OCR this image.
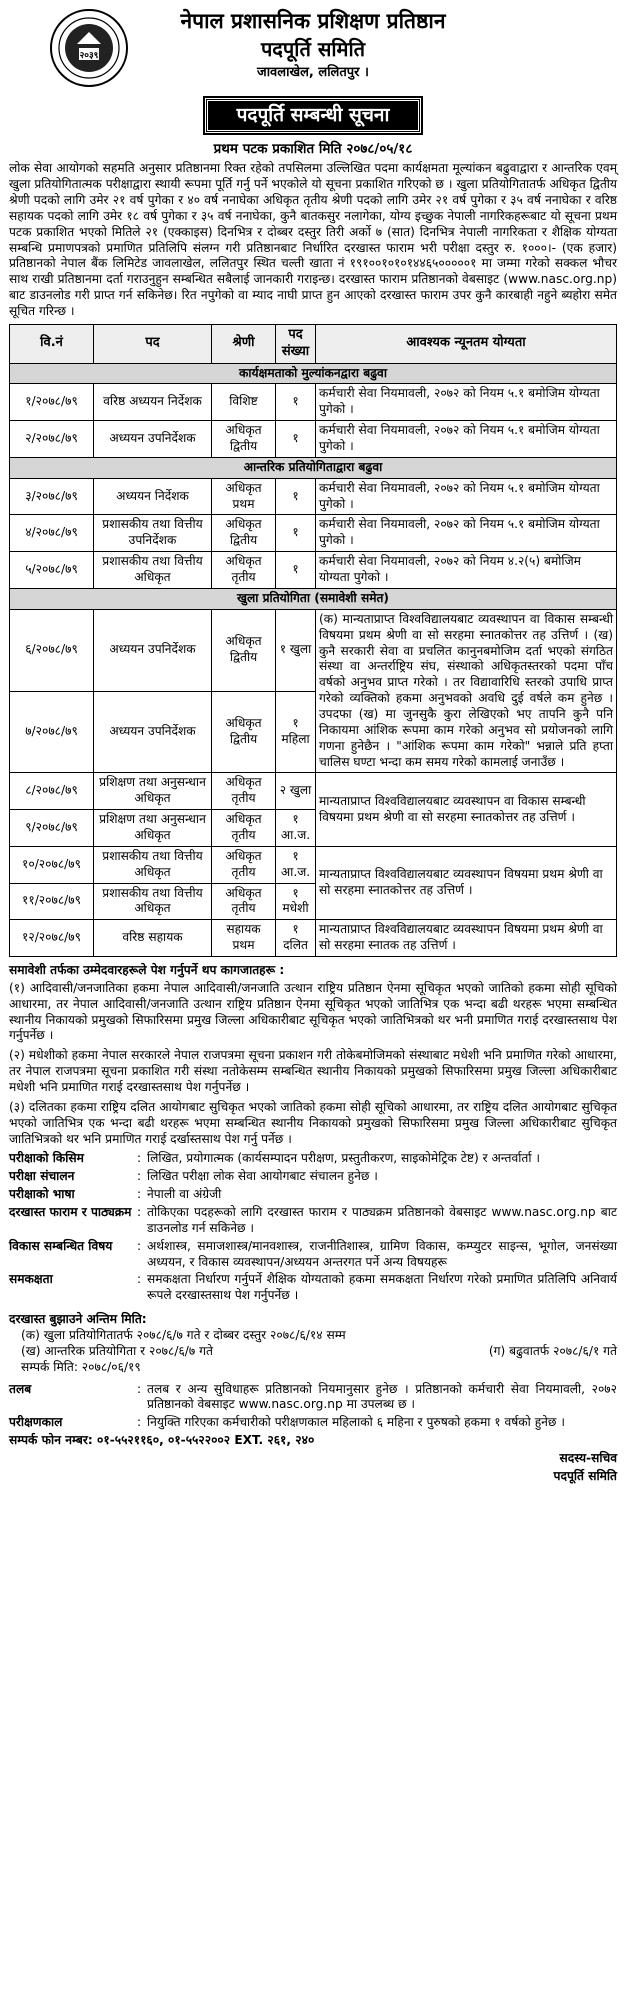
२०३९
नेपाल प्रशासनिक प्रशिक्षण प्रतिष्ठान
पदपूर्ति समिति
जावलाखेल, ललितपुर ।
पदपूर्ति सम्बन्धी सूचना
प्रथम पटक प्रकाशित मिति २०७८/०५/१८

लोक सेवा आयोगको सहमति अनुसार प्रतिष्ठानमा रिक्त रहेको तपसिलमा उल्लिखित पदमा कार्यक्षमता मूल्यांकन बढुवाद्वारा र आन्तरिक एवम् खुला प्रतियोगितात्मक परीक्षाद्वारा स्थायी रूपमा पूर्ति गर्नु पर्ने भएकोले यो सूचना प्रकाशित गरिएको छ । खुला प्रतियोगितातर्फ अधिकृत द्वितीय श्रेणी पदको लागि उमेर २१ वर्ष पुगेका र ४० वर्ष ननाघेका अधिकृत तृतीय श्रेणी पदको लागि उमेर २१ वर्ष पुगेका र ३५ वर्ष ननाघेका र वरिष्ठ सहायक पदको लागि उमेर १८ वर्ष पुगेका र ३५ वर्ष ननाघेका, कुनै बातकसुर नलागेका, योग्य इच्छुक नेपाली नागरिकहरूबाट यो सूचना प्रथम पटक प्रकाशित भएको मितिले २१ (एक्काइस) दिनभित्र र दोब्बर दस्तुर तिरी अर्को ७ (सात) दिनभित्र नेपाली नागरिकता र शैक्षिक योग्यता सम्बन्धि प्रमाणपत्रको प्रमाणित प्रतिलिपि संलग्न गरी प्रतिष्ठानबाट निर्धारित दरखास्त फाराम भरी परीक्षा दस्तुर रु. १०००।- (एक हजार) प्रतिष्ठानको नेपाल बैंक लिमिटेड जावलाखेल, ललितपुर स्थित चल्ती खाता नं १९१००१०१०१४४६५०००००१ मा जम्मा गरेको सक्कल भौचर साथ राखी प्रतिष्ठानमा दर्ता गराउनुहुन सम्बन्धित सबैलाई जानकारी गराइन्छ। दरखास्त फाराम प्रतिष्ठानको वेबसाइट (www.nasc.org.np) बाट डाउनलोड गरी प्राप्त गर्न सकिनेछ। रित नपुगेको वा म्याद नाघी प्राप्त हुन आएको दरखास्त फाराम उपर कुनै कारबाही नहुने ब्यहोरा समेत सूचित गरिन्छ ।

वि.नं	पद	श्रेणी	पद संख्या	आवश्यक न्यूनतम योग्यता
कार्यक्षमताको मुल्यांकनद्वारा बढुवा				
१/२०७८/७९	वरिष्ठ अध्ययन निर्देशक	विशिष्ट	१	कर्मचारी सेवा नियमावली, २०७२ को नियम ५.१ बमोजिम योग्यता पुगेको ।
२/२०७८/७९	अध्ययन उपनिर्देशक	अधिकृत द्वितीय	१	कर्मचारी सेवा नियमावली, २०७२ को नियम ५.१ बमोजिम योग्यता पुगेको ।
आन्तरिक प्रतियोगिताद्वारा बढुवा				
३/२०७८/७९	अध्ययन निर्देशक	अधिकृत प्रथम	१	कर्मचारी सेवा नियमावली, २०७२ को नियम ५.१ बमोजिम योग्यता पुगेको ।
४/२०७८/७९	प्रशासकीय तथा वित्तीय उपनिर्देशक	अधिकृत द्वितीय	१	कर्मचारी सेवा नियमावली, २०७२ को नियम ५.१ बमोजिम योग्यता पुगेको ।
५/२०७८/७९	प्रशासकीय तथा वित्तीय अधिकृत	अधिकृत तृतीय	१	कर्मचारी सेवा नियमावली, २०७२ को नियम ४.२(५) बमोजिम योग्यता पुगेको ।
खुला प्रतियोगिता (समावेशी समेत)				
६/२०७८/७९	अध्ययन उपनिर्देशक	अधिकृत द्वितीय	१ खुला	(क) मान्यताप्राप्त विश्वविद्यालयबाट व्यवस्थापन वा विकास सम्बन्धी विषयमा प्रथम श्रेणी वा सो सरहमा स्नातकोत्तर तह उत्तिर्ण । (ख) कुनै सरकारी सेवा वा प्रचलित कानुनबमोजिम दर्ता भएको संगठित संस्था वा अन्तर्राष्ट्रिय संघ, संस्थाको अधिकृतस्तरको पदमा पाँच वर्षको अनुभव प्राप्त गरेको । तर विद्यावारिधि स्तरको उपाधि प्राप्त गरेको व्यक्तिको हकमा अनुभवको अवधि दुई वर्षले कम हुनेछ । उपदफा (ख) मा जुनसुकै कुरा लेखिएको भए तापनि कुनै पनि निकायमा आंशिक रूपमा काम गरेको अनुभव सो प्रयोजनको लागि गणना हुनेछैन । "आंशिक रूपमा काम गरेको" भन्नाले प्रति हप्ता चालिस घण्टा भन्दा कम समय गरेको कामलाई जनाउँछ ।
७/२०७८/७९	अध्ययन उपनिर्देशक	अधिकृत द्वितीय	१ महिला	
८/२०७८/७९	प्रशिक्षण तथा अनुसन्धान अधिकृत	अधिकृत तृतीय	२ खुला	मान्यताप्राप्त विश्वविद्यालयबाट व्यवस्थापन वा विकास सम्बन्धी विषयमा प्रथम श्रेणी वा सो सरहमा स्नातकोत्तर तह उत्तिर्ण ।
९/२०७८/७९	प्रशिक्षण तथा अनुसन्धान अधिकृत	अधिकृत तृतीय	१ आ.ज.	
१०/२०७८/७९	प्रशासकीय तथा वित्तीय अधिकृत	अधिकृत तृतीय	१ आ.ज.	मान्यताप्राप्त विश्वविद्यालयबाट व्यवस्थापन विषयमा प्रथम श्रेणी वा सो सरहमा स्नातकोत्तर तह उत्तिर्ण ।
११/२०७८/७९	प्रशासकीय तथा वित्तीय अधिकृत	अधिकृत तृतीय	१ मधेशी	
१२/२०७८/७९	वरिष्ठ सहायक	सहायक प्रथम	१ दलित	मान्यताप्राप्त विश्वविद्यालयबाट व्यवस्थापन विषयमा प्रथम श्रेणी वा सो सरहमा स्नातक तह उत्तिर्ण ।
समावेशी तर्फका उम्मेदवारहरूले पेश गर्नुपर्ने थप कागजातहरू :
(१) आदिवासी/जनजातिका हकमा नेपाल आदिवासी/जनजाति उत्थान राष्ट्रिय प्रतिष्ठान ऐनमा सूचिकृत भएको जातिको हकमा सोही सूचिको आधारमा, तर नेपाल आदिवासी/जनजाति उत्थान राष्ट्रिय प्रतिष्ठान ऐनमा सूचिकृत भएको जातिभित्र एक भन्दा बढी थरहरू भएमा सम्बन्धित स्थानीय निकायको प्रमुखको सिफारिसमा प्रमुख जिल्ला अधिकारीबाट सूचिकृत भएको जातिभित्रको थर भनी प्रमाणित गराई दरखास्तसाथ पेश गर्नुपर्नेछ ।
(२) मधेशीको हकमा नेपाल सरकारले नेपाल राजपत्रमा सूचना प्रकाशन गरी तोकेबमोजिमको संस्थाबाट मधेशी भनि प्रमाणित गरेको आधारमा, तर नेपाल राजपत्रमा सूचना प्रकाशित गरी संस्था नतोकेसम्म सम्बन्धित स्थानीय निकायको प्रमुखको सिफारिसमा प्रमुख जिल्ला अधिकारीबाट मधेशी भनि प्रमाणित गराई दरखास्तसाथ पेश गर्नुपर्नेछ ।
(३) दलितका हकमा राष्ट्रिय दलित आयोगबाट सुचिकृत भएको जातिको हकमा सोही सूचिको आधारमा, तर राष्ट्रिय दलित आयोगबाट सुचिकृत भएको जातिभित्र एक भन्दा बढी थरहरू भएमा सम्बन्धित स्थानीय निकायको प्रमुखको सिफारिसमा प्रमुख जिल्ला अधिकारीबाट सुचिकृत जातिभित्रको थर भनि प्रमाणित गराई दर्खास्तसाथ पेश गर्नु पर्नेछ ।
परीक्षाको किसिम	: लिखित, प्रयोगात्मक (कार्यसम्पादन परीक्षण, प्रस्तुतीकरण, साइकोमेट्रिक टेष्ट) र अन्तर्वार्ता ।
परीक्षा संचालन	: लिखित परीक्षा लोक सेवा आयोगबाट संचालन हुनेछ ।
परीक्षाको भाषा	: नेपाली वा अंग्रेजी
दरखास्त फाराम र पाठ्यक्रम : तोकिएका पदहरूको लागि दरखास्त फाराम र पाठ्यक्रम प्रतिष्ठानको वेबसाइट www.nasc.org.np बाट डाउनलोड गर्न सकिनेछ ।
विकास सम्बन्धित विषय	: अर्थशास्त्र, समाजशास्त्र/मानवशास्त्र, राजनीतिशास्त्र, ग्रामिण विकास, कम्प्युटर साइन्स, भूगोल, जनसंख्या अध्ययन, र विकास व्यवस्थापन/अध्ययन अन्तरगत पर्ने अन्य विषयहरू
समकक्षता	: समकक्षता निर्धारण गर्नुपर्ने शैक्षिक योग्यताको हकमा समकक्षता निर्धारण गरेको प्रमाणित प्रतिलिपि अनिवार्य रूपले दरखास्तसाथ पेश गर्नुपर्नेछ ।
दरखास्त बुझाउने अन्तिम मिति:
(क) खुला प्रतियोगितातर्फ २०७८/६/७ गते र दोब्बर दस्तुर २०७८/६/१४ सम्म
(ख) आन्तरिक प्रतियोगिता र २०७८/६/७ गते	(ग) बढुवातर्फ २०७८/६/१ गते
सम्पर्क मिति: २०७८/०६/१९
तलब	: तलब र अन्य सुविधाहरू प्रतिष्ठानको नियमानुसार हुनेछ । प्रतिष्ठानको कर्मचारी सेवा नियमावली, २०७२ प्रतिष्ठानको वेबसाइट www.nasc.org.np मा उपलब्ध छ ।
परीक्षणकाल	: नियुक्ति गरिएका कर्मचारीको परीक्षणकाल महिलाको ६ महिना र पुरुषको हकमा १ वर्षको हुनेछ ।
सम्पर्क फोन नम्बर:
०१-५५२११६०, ०१-५५२२००२ EXT. २६१, २४०
सदस्य-सचिव
पदपूर्ति समिति
